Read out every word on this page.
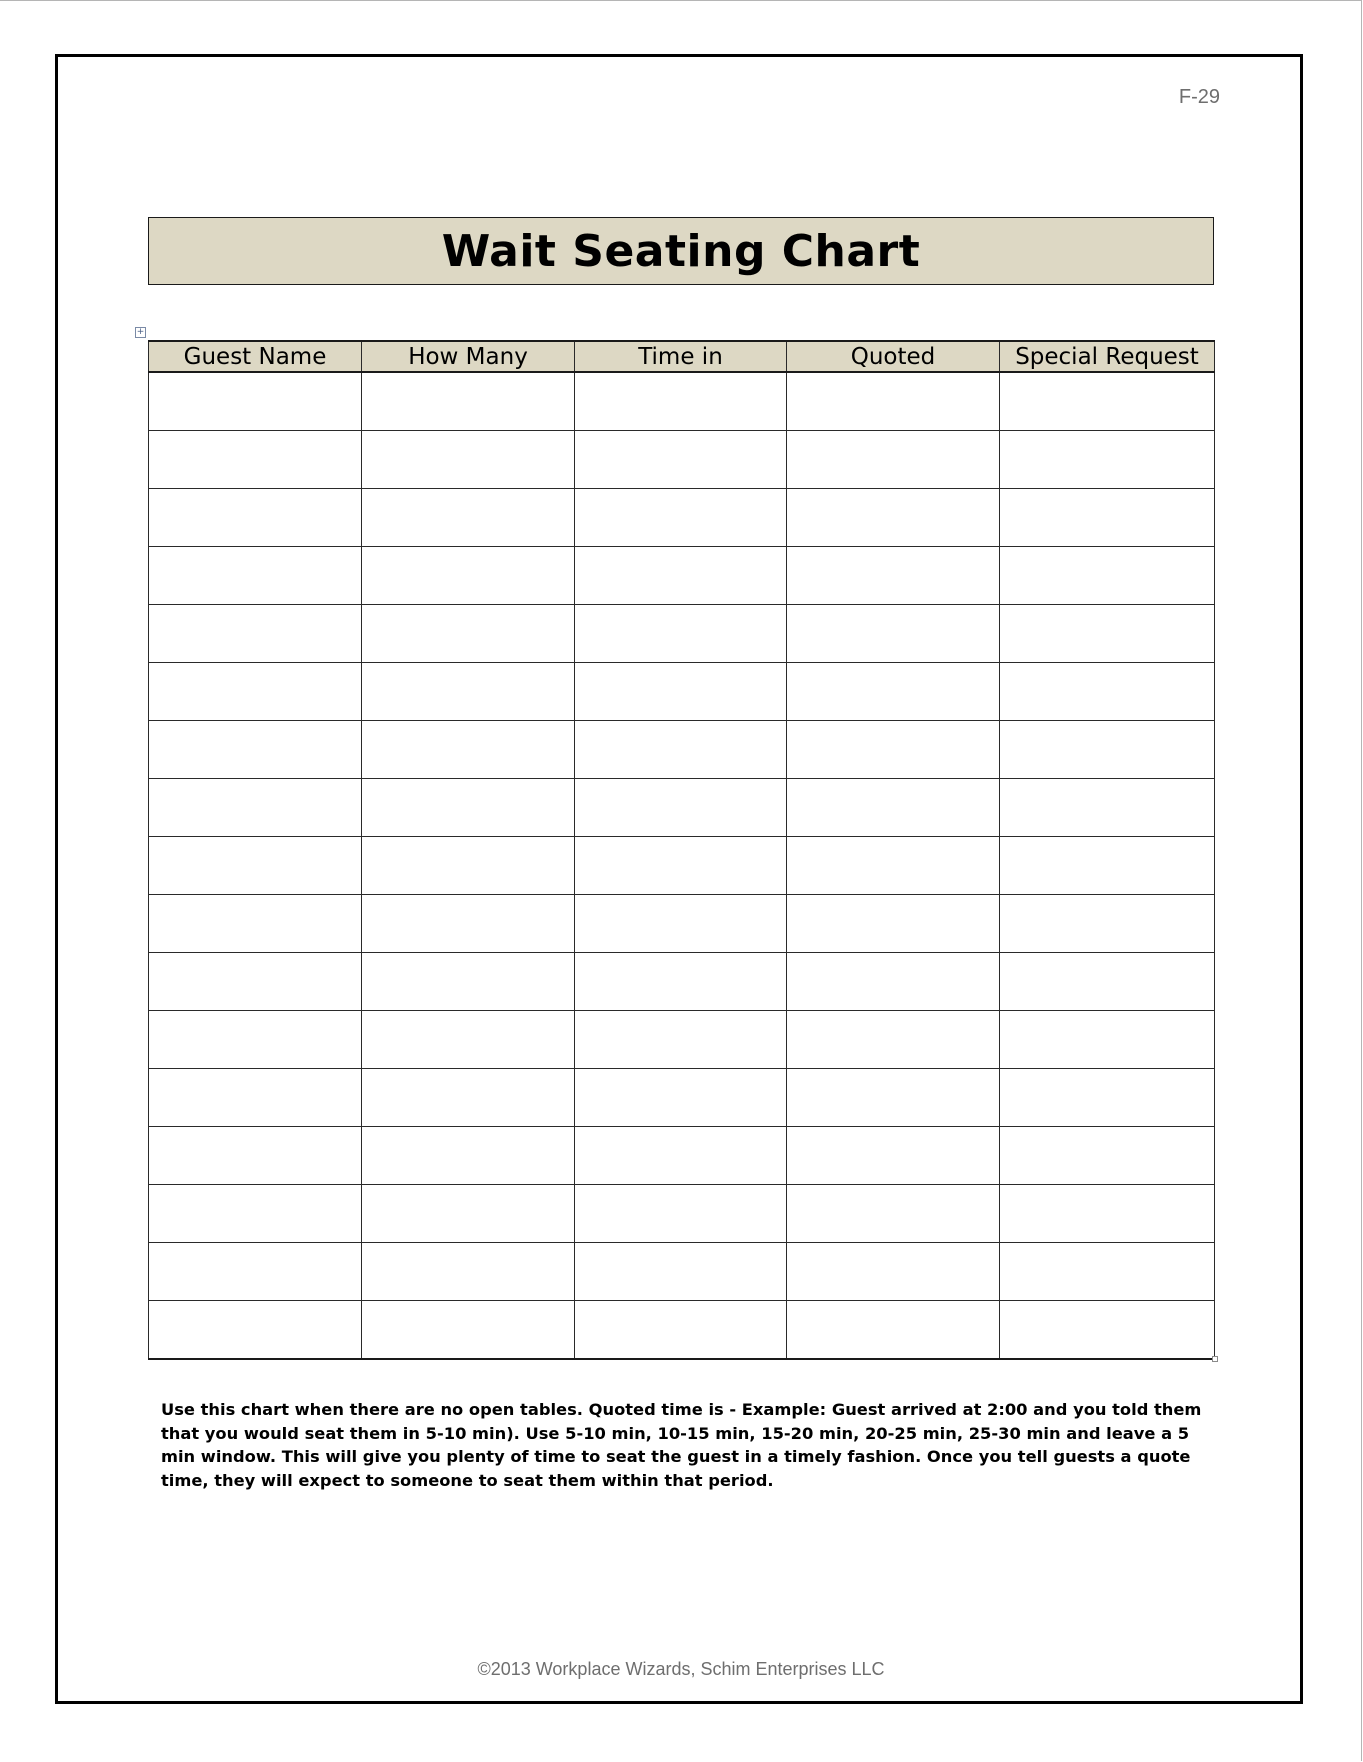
F-29
Wait Seating Chart
+
Guest Name	How Many	Time in	Quoted	Special Request

Use this chart when there are no open tables. Quoted time is - Example: Guest arrived at 2:00 and you told them that you would seat them in 5-10 min). Use 5-10 min, 10-15 min, 15-20 min, 20-25 min, 25-30 min and leave a 5 min window. This will give you plenty of time to seat the guest in a timely fashion. Once you tell guests a quote time, they will expect to someone to seat them within that period.

©2013 Workplace Wizards, Schim Enterprises LLC
